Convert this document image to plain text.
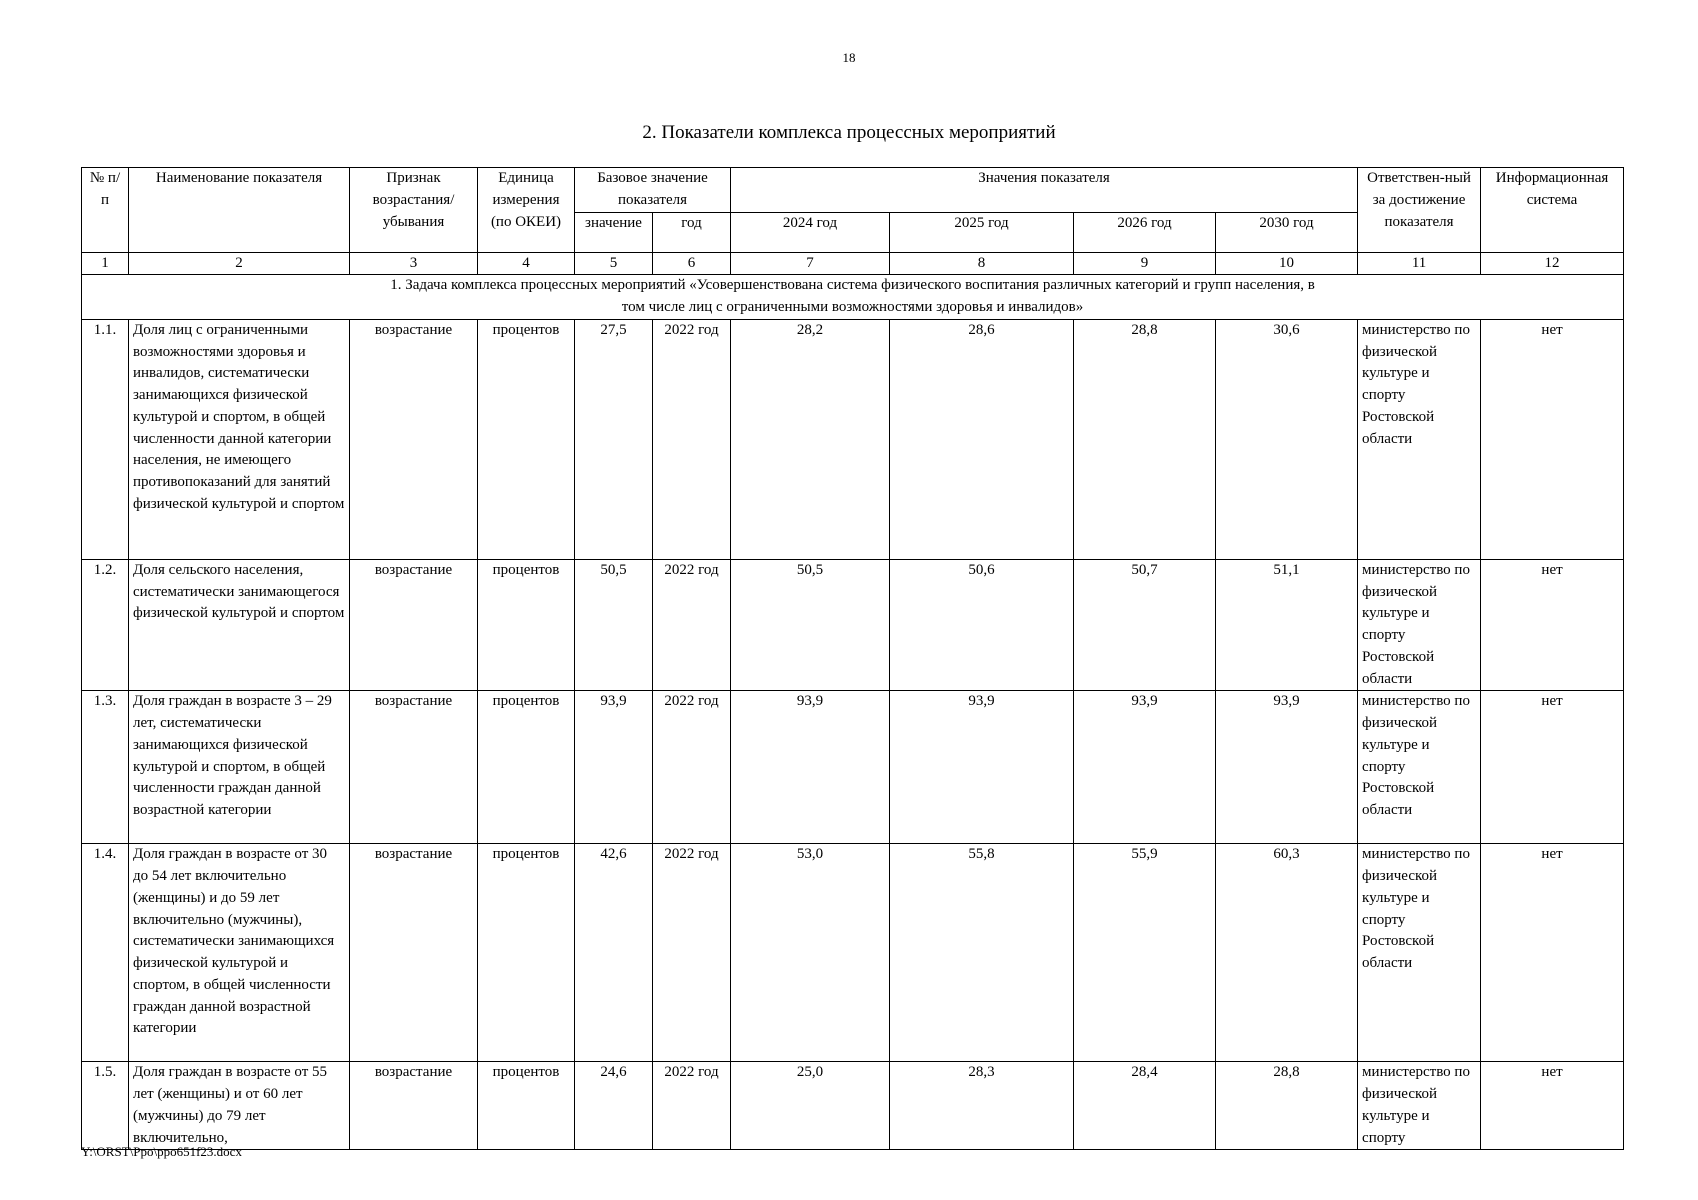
18
2. Показатели комплекса процессных мероприятий
№ п/п	Наименование показателя	Признак возрастания/ убывания	Единица измерения (по ОКЕИ)	Базовое значение показателя		Значения показателя				Ответствен-ный за достижение показателя	Информационная система
				значение	год	2024 год	2025 год	2026 год	2030 год		
1	2	3	4	5	6	7	8	9	10	11	12
1. Задача комплекса процессных мероприятий «Усовершенствована система физического воспитания различных категорий и групп населения, в том числе лиц с ограниченными возможностями здоровья и инвалидов»											
1.1.	Доля лиц с ограниченными возможностями здоровья и инвалидов, систематически занимающихся физической культурой и спортом, в общей численности данной категории населения, не имеющего противопоказаний для занятий физической культурой и спортом	возрастание	процентов	27,5	2022 год	28,2	28,6	28,8	30,6	министерство по физической культуре и спорту Ростовской области	нет
1.2.	Доля сельского населения, систематически занимающегося физической культурой и спортом	возрастание	процентов	50,5	2022 год	50,5	50,6	50,7	51,1	министерство по физической культуре и спорту Ростовской области	нет
1.3.	Доля граждан в возрасте 3 – 29 лет, систематически занимающихся физической культурой и спортом, в общей численности граждан данной возрастной категории	возрастание	процентов	93,9	2022 год	93,9	93,9	93,9	93,9	министерство по физической культуре и спорту Ростовской области	нет
1.4.	Доля граждан в возрасте от 30 до 54 лет включительно (женщины) и до 59 лет включительно (мужчины), систематически занимающихся физической культурой и спортом, в общей численности граждан данной возрастной категории	возрастание	процентов	42,6	2022 год	53,0	55,8	55,9	60,3	министерство по физической культуре и спорту Ростовской области	нет
1.5.	Доля граждан в возрасте от 55 лет (женщины) и от 60 лет (мужчины) до 79 лет включительно,	возрастание	процентов	24,6	2022 год	25,0	28,3	28,4	28,8	министерство по физической культуре и спорту	нет
Y:\ORST\Ppo\ppo651f23.docx
